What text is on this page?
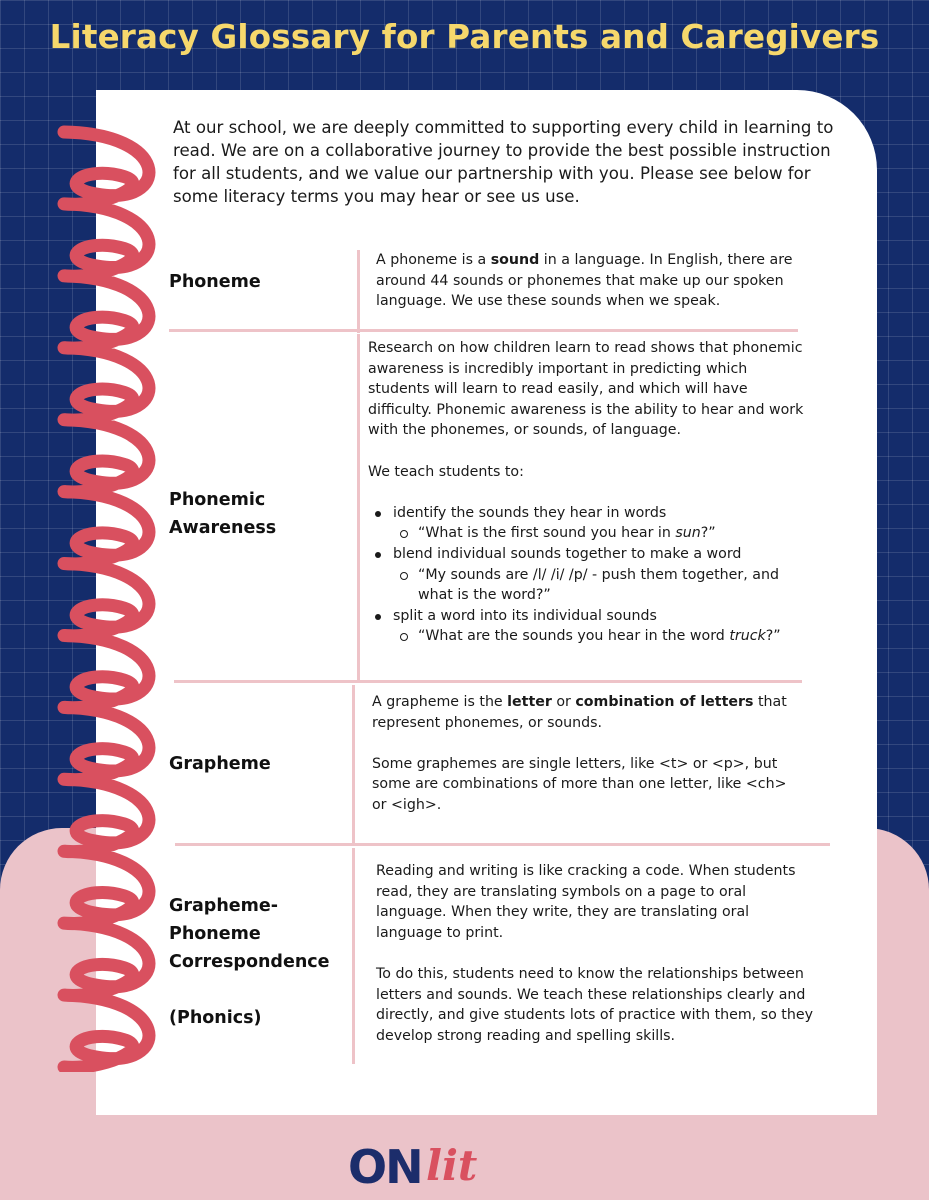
Literacy Glossary for Parents and Caregivers

At our school, we are deeply committed to supporting every child in learning to read. We are on a collaborative journey to provide the best possible instruction for all students, and we value our partnership with you. Please see below for some literacy terms you may hear or see us use.

Phoneme

A phoneme is a sound in a language. In English, there are around 44 sounds or phonemes that make up our spoken language. We use these sounds when we speak.

Phonemic Awareness

Research on how children learn to read shows that phonemic awareness is incredibly important in predicting which students will learn to read easily, and which will have difficulty. Phonemic awareness is the ability to hear and work with the phonemes, or sounds, of language.

We teach students to:

identify the sounds they hear in words
“What is the first sound you hear in sun?”
blend individual sounds together to make a word
“My sounds are /l/ /i/ /p/ - push them together, and what is the word?”
split a word into its individual sounds
“What are the sounds you hear in the word truck?”
Grapheme

A grapheme is the letter or combination of letters that represent phonemes, or sounds.

Some graphemes are single letters, like <t> or <p>, but some are combinations of more than one letter, like <ch> or <igh>.

Grapheme-
Phoneme
Correspondence
(Phonics)

Reading and writing is like cracking a code. When students read, they are translating symbols on a page to oral language. When they write, they are translating oral language to print.

To do this, students need to know the relationships between letters and sounds. We teach these relationships clearly and directly, and give students lots of practice with them, so they develop strong reading and spelling skills.

ON lit
